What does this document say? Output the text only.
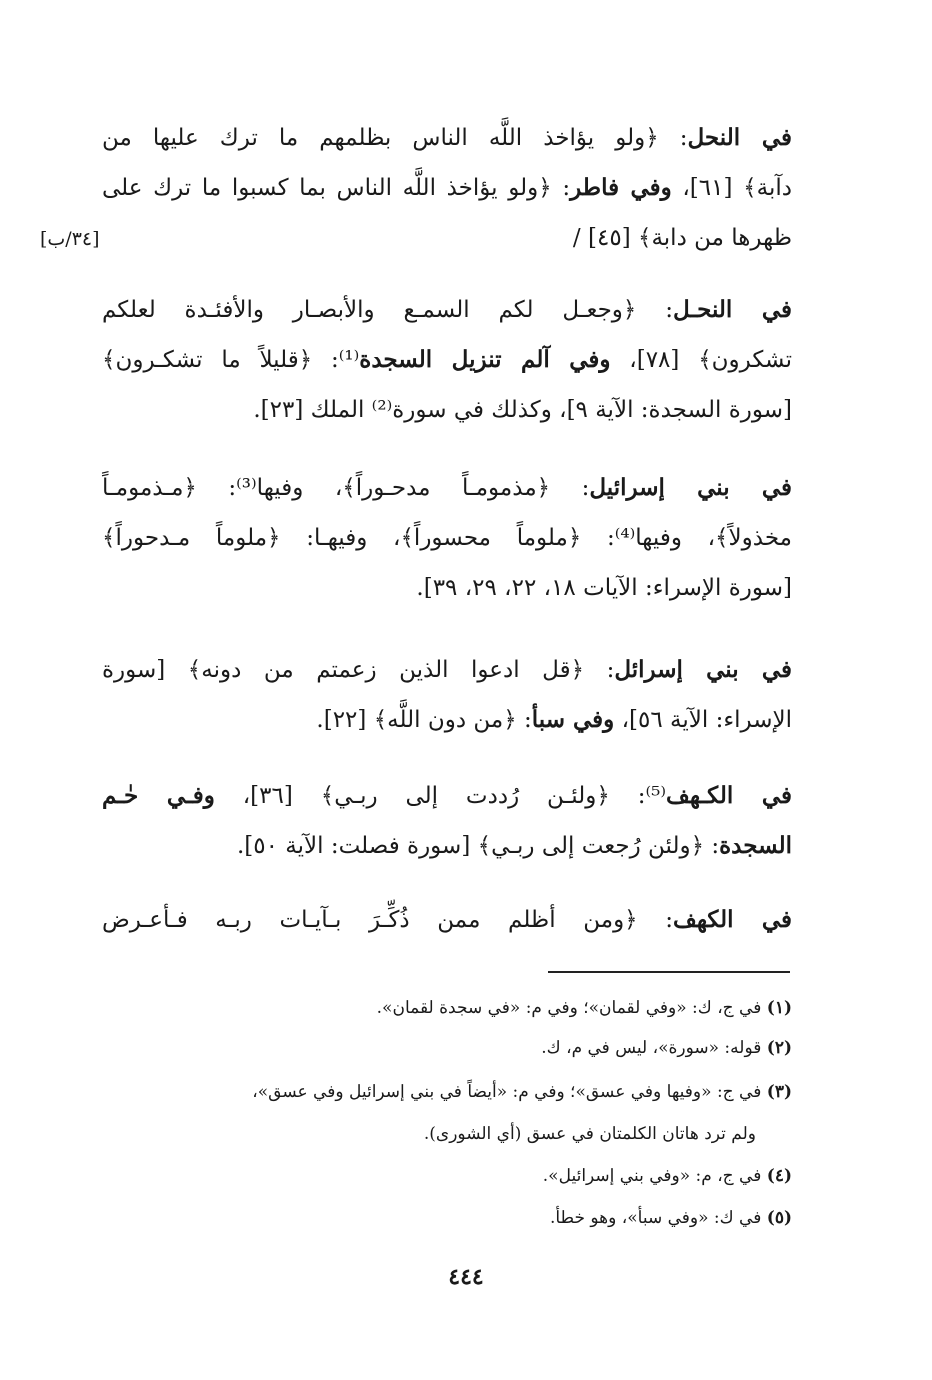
في النحل: ﴿ولو يؤاخذ اللَّه الناس بظلمهم ما ترك عليها من
دآبة﴾ [٦١]، وفي فاطر: ﴿ولو يؤاخذ اللَّه الناس بما كسبوا ما ترك على
ظهرها من دابة﴾ [٤٥] /
[٣٤/ب]
في النحـل: ﴿وجعـل لكم السمـع والأبصـار والأفئـدة لعلكم
تشكرون﴾ [٧٨]، وفي آلم تنزيل السجدة⁽¹⁾: ﴿قليلاً ما تشكـرون﴾
[سورة السجدة: الآية ٩]، وكذلك في سورة⁽²⁾ الملك [٢٣].
في بني إسرائيل: ﴿مذمومـاً مدحـوراً﴾، وفيها⁽³⁾: ﴿مـذمومـاً
مخذولاً﴾، وفيها⁽⁴⁾: ﴿ملوماً محسوراً﴾، وفيهـا: ﴿ملوماً مـدحوراً﴾
[سورة الإسراء: الآيات ١٨، ٢٢، ٢٩، ٣٩].
في بني إسرائل: ﴿قل ادعوا الذين زعمتم من دونه﴾ [سورة
الإسراء: الآية ٥٦]، وفي سبأ: ﴿من دون اللَّه﴾ [٢٢].
في الكـهف⁽⁵⁾: ﴿ولئـن رُددت إلى ربـي﴾ [٣٦]، وفـي حٰـم
السجدة: ﴿ولئن رُجعت إلى ربـي﴾ [سورة فصلت: الآية ٥٠].
في الكهف: ﴿ومن أظلم ممن ذُكِّـرَ بـآيـات ربـه فـأعـرض
(١) في ج، ك: «وفي لقمان»؛ وفي م: «في سجدة لقمان».
(٢) قوله: «سورة»، ليس في م، ك.
(٣) في ج: «وفيها وفي عسق»؛ وفي م: «أيضاً في بني إسرائيل وفي عسق»،
ولم ترد هاتان الكلمتان في عسق (أي الشورى).
(٤) في ج، م: «وفي بني إسرائيل».
(٥) في ك: «وفي سبأ»، وهو خطأ.
٤٤٤
